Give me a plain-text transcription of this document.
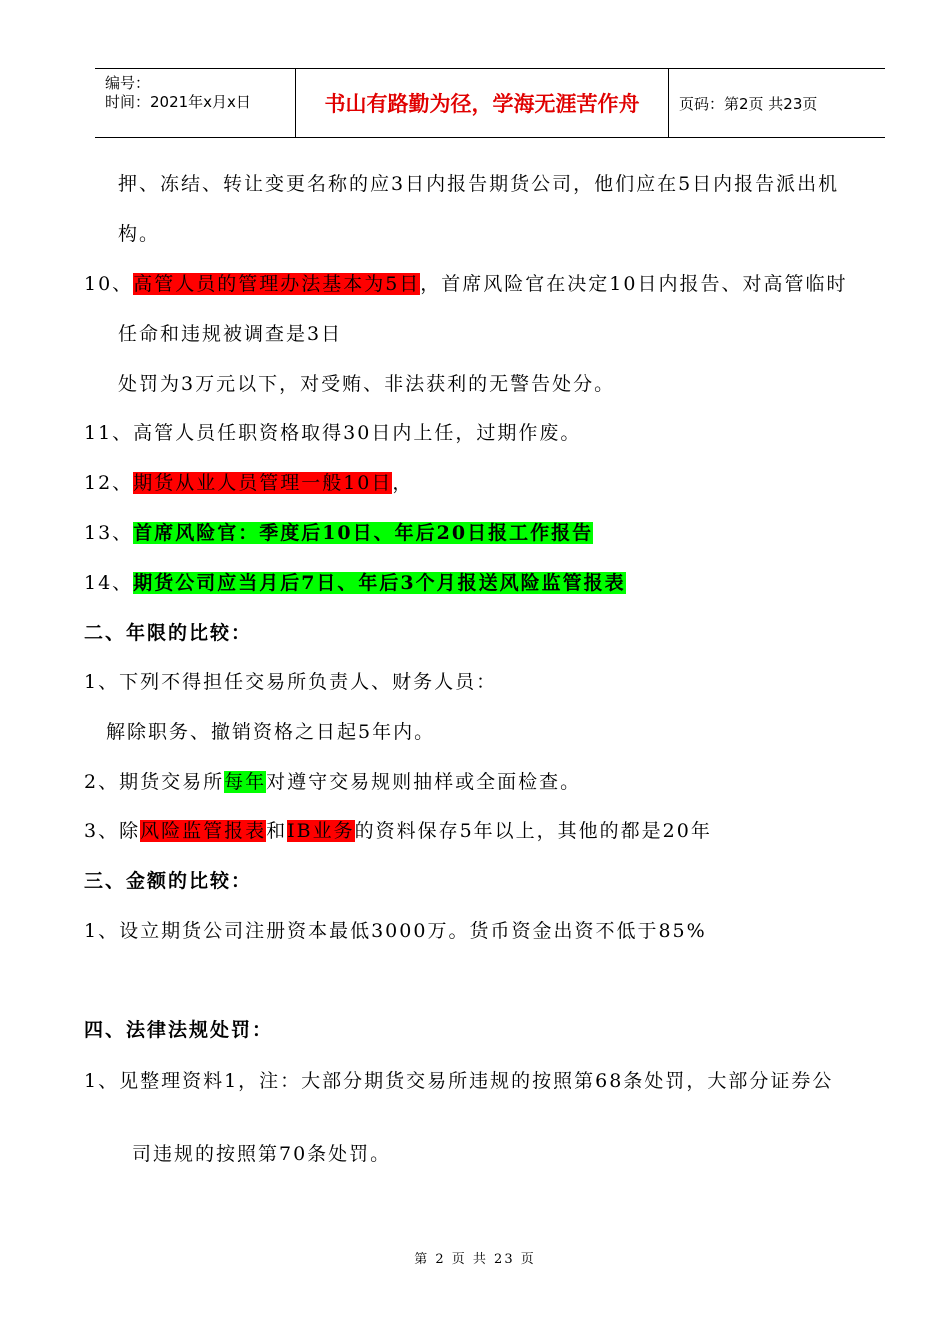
编号：
时间：2021年x月x日	书山有路勤为径，学海无涯苦作舟	页码：第2页 共23页
押、冻结、转让变更名称的应3日内报告期货公司，他们应在5日内报告派出机
构。
10、高管人员的管理办法基本为5日，首席风险官在决定10日内报告、对高管临时
任命和违规被调查是3日
处罚为3万元以下，对受贿、非法获利的无警告处分。
11、高管人员任职资格取得30日内上任，过期作废。
12、期货从业人员管理一般10日，
13、首席风险官：季度后10日、年后20日报工作报告
14、期货公司应当月后7日、年后3个月报送风险监管报表
二、年限的比较：
1、下列不得担任交易所负责人、财务人员：
解除职务、撤销资格之日起5年内。
2、期货交易所每年对遵守交易规则抽样或全面检查。
3、除风险监管报表和IB业务的资料保存5年以上，其他的都是20年
三、金额的比较：
1、设立期货公司注册资本最低3000万。货币资金出资不低于85%
四、法律法规处罚：
1、见整理资料1，注：大部分期货交易所违规的按照第68条处罚，大部分证券公
司违规的按照第70条处罚。
第 2 页 共 23 页
